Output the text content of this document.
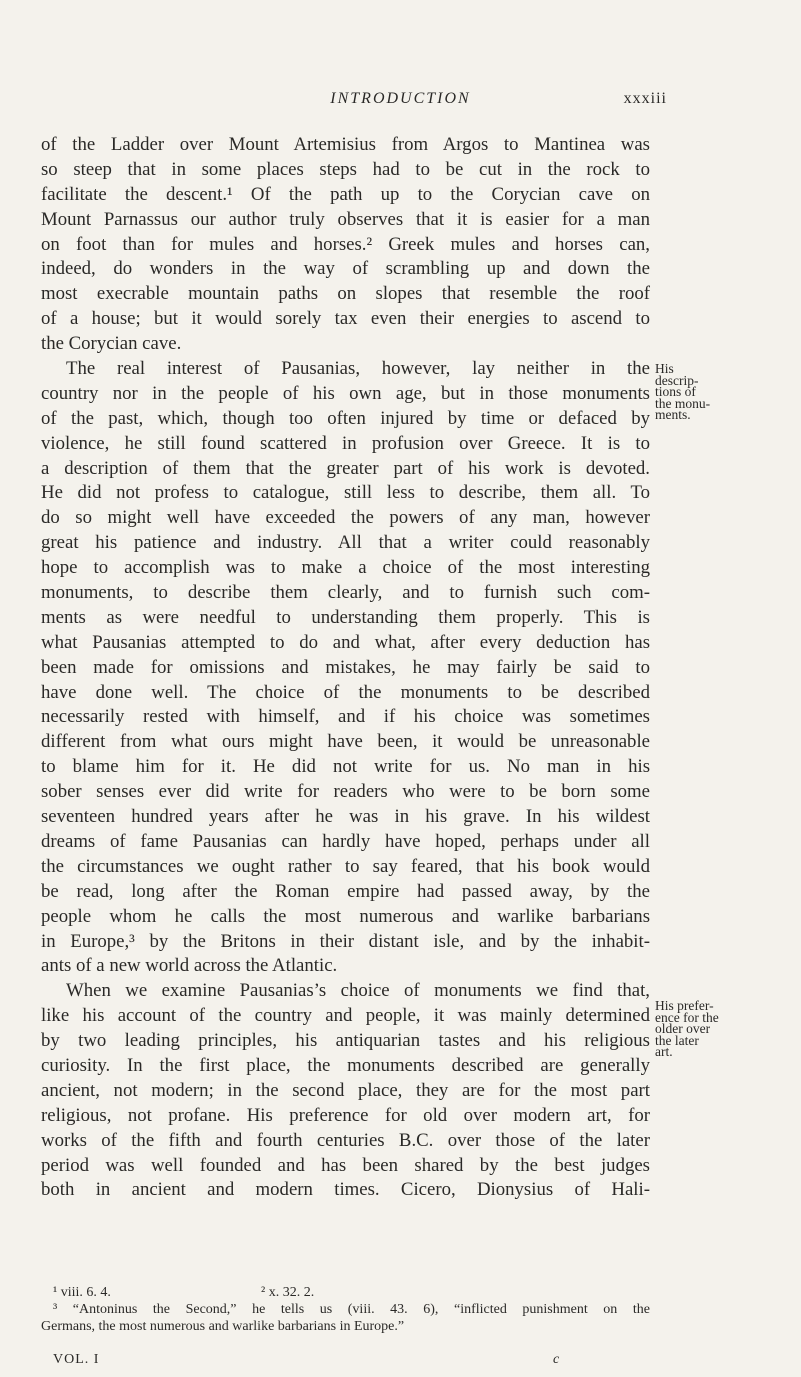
INTRODUCTION	xxxiii
of the Ladder over Mount Artemisius from Argos to Mantinea was
so steep that in some places steps had to be cut in the rock to
facilitate the descent.¹ Of the path up to the Corycian cave on
Mount Parnassus our author truly observes that it is easier for a man
on foot than for mules and horses.² Greek mules and horses can,
indeed, do wonders in the way of scrambling up and down the
most execrable mountain paths on slopes that resemble the roof
of a house; but it would sorely tax even their energies to ascend to
the Corycian cave.
The real interest of Pausanias, however, lay neither in the
country nor in the people of his own age, but in those monuments
of the past, which, though too often injured by time or defaced by
violence, he still found scattered in profusion over Greece. It is to
a description of them that the greater part of his work is devoted.
He did not profess to catalogue, still less to describe, them all. To
do so might well have exceeded the powers of any man, however
great his patience and industry. All that a writer could reasonably
hope to accomplish was to make a choice of the most interesting
monuments, to describe them clearly, and to furnish such com-
ments as were needful to understanding them properly. This is
what Pausanias attempted to do and what, after every deduction has
been made for omissions and mistakes, he may fairly be said to
have done well. The choice of the monuments to be described
necessarily rested with himself, and if his choice was sometimes
different from what ours might have been, it would be unreasonable
to blame him for it. He did not write for us. No man in his
sober senses ever did write for readers who were to be born some
seventeen hundred years after he was in his grave. In his wildest
dreams of fame Pausanias can hardly have hoped, perhaps under all
the circumstances we ought rather to say feared, that his book would
be read, long after the Roman empire had passed away, by the
people whom he calls the most numerous and warlike barbarians
in Europe,³ by the Britons in their distant isle, and by the inhabit-
ants of a new world across the Atlantic.
When we examine Pausanias’s choice of monuments we find that,
like his account of the country and people, it was mainly determined
by two leading principles, his antiquarian tastes and his religious
curiosity. In the first place, the monuments described are generally
ancient, not modern; in the second place, they are for the most part
religious, not profane. His preference for old over modern art, for
works of the fifth and fourth centuries B.C. over those of the later
period was well founded and has been shared by the best judges
both in ancient and modern times. Cicero, Dionysius of Hali-
His
descrip-
tions of
the monu-
ments.
His prefer-
ence for the
older over
the later
art.
¹ viii. 6. 4.	² x. 32. 2.
³ “Antoninus the Second,” he tells us (viii. 43. 6), “inflicted punishment on the
Germans, the most numerous and warlike barbarians in Europe.”
VOL. I	c
